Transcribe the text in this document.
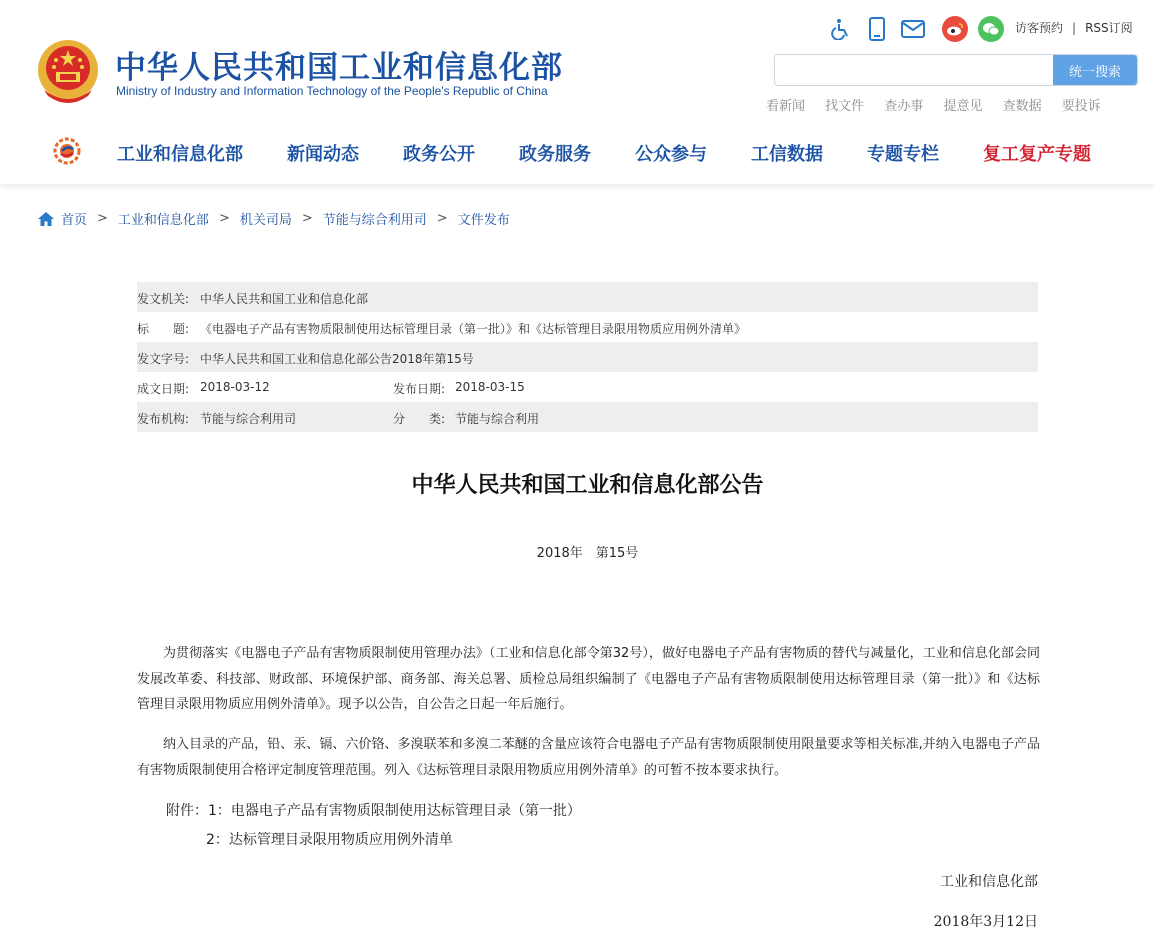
中华人民共和国工业和信息化部
Ministry of Industry and Information Technology of the People's Republic of China
访客预约 | RSS订阅
统一搜索
看新闻 找文件 查办事 提意见 查数据 要投诉
工业和信息化部 新闻动态 政务公开 政务服务 公众参与 工信数据 专题专栏 复工复产专题
首页 > 工业和信息化部 > 机关司局 > 节能与综合利用司 > 文件发布
发文机关: 中华人民共和国工业和信息化部
标　　题: 《电器电子产品有害物质限制使用达标管理目录（第一批）》和《达标管理目录限用物质应用例外清单》
发文字号: 中华人民共和国工业和信息化部公告2018年第15号
成文日期: 2018-03-12	发布日期: 2018-03-15
发布机构: 节能与综合利用司	分　　类: 节能与综合利用
中华人民共和国工业和信息化部公告
2018年　第15号

为贯彻落实《电器电子产品有害物质限制使用管理办法》（工业和信息化部令第32号），做好电器电子产品有害物质的替代与减量化，工业和信息化部会同发展改革委、科技部、财政部、环境保护部、商务部、海关总署、质检总局组织编制了《电器电子产品有害物质限制使用达标管理目录（第一批）》和《达标管理目录限用物质应用例外清单》。现予以公告，自公告之日起一年后施行。

纳入目录的产品，铅、汞、镉、六价铬、多溴联苯和多溴二苯醚的含量应该符合电器电子产品有害物质限制使用限量要求等相关标准,并纳入电器电子产品有害物质限制使用合格评定制度管理范围。列入《达标管理目录限用物质应用例外清单》的可暂不按本要求执行。

附件：1：电器电子产品有害物质限制使用达标管理目录（第一批）
2：达标管理目录限用物质应用例外清单
工业和信息化部
2018年3月12日
